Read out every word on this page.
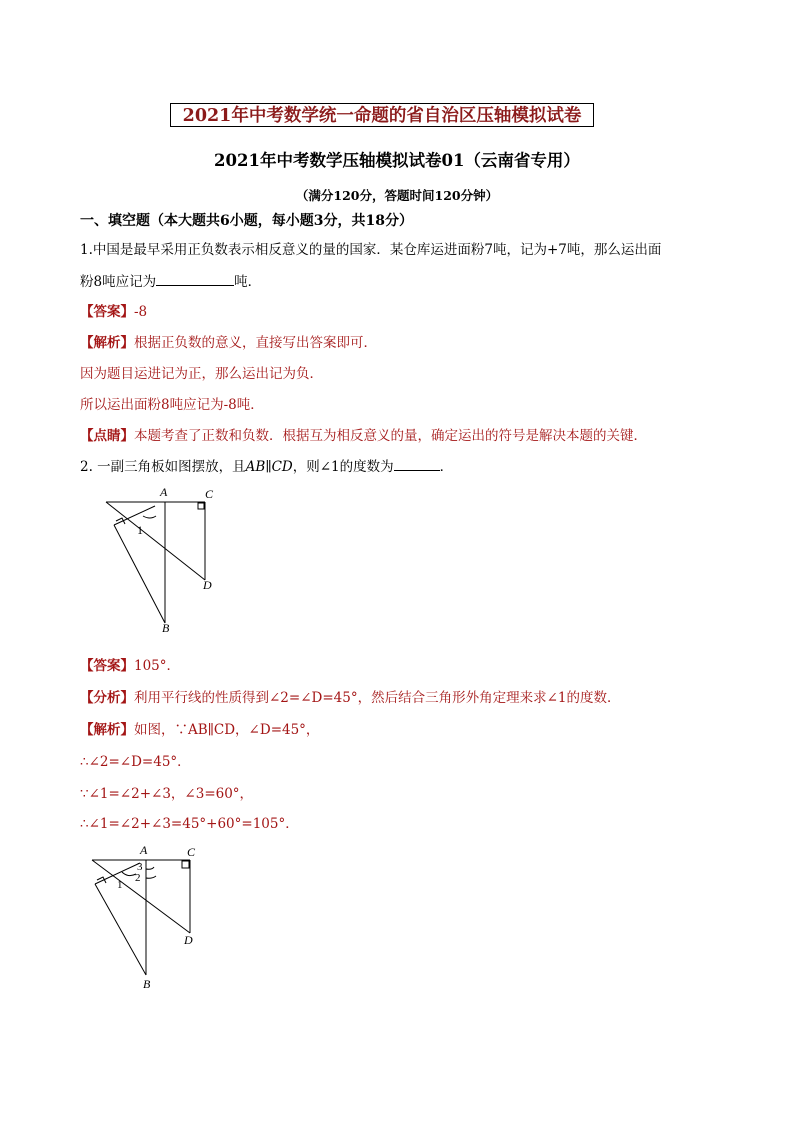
2021年中考数学统一命题的省自治区压轴模拟试卷
2021年中考数学压轴模拟试卷01（云南省专用）
（满分120分，答题时间120分钟）
一、填空题（本大题共6小题，每小题3分，共18分）
1.中国是最早采用正负数表示相反意义的量的国家．某仓库运进面粉7吨，记为+7吨，那么运出面
粉8吨应记为	吨．
【答案】-8
【解析】根据正负数的意义，直接写出答案即可．
因为题目运进记为正，那么运出记为负．
所以运出面粉8吨应记为-8吨．
【点睛】本题考查了正数和负数．根据互为相反意义的量，确定运出的符号是解决本题的关键．
2. 一副三角板如图摆放，且AB∥CD，则∠1的度数为	．
A	C
D
B
1
【答案】105°．
【分析】利用平行线的性质得到∠2=∠D=45°，然后结合三角形外角定理来求∠1的度数．
【解析】如图，∵AB∥CD，∠D=45°，
∴∠2=∠D=45°．
∵∠1=∠2+∠3，∠3=60°，
∴∠1=∠2+∠3=45°+60°=105°．
A	C
D
B
1
2
3
